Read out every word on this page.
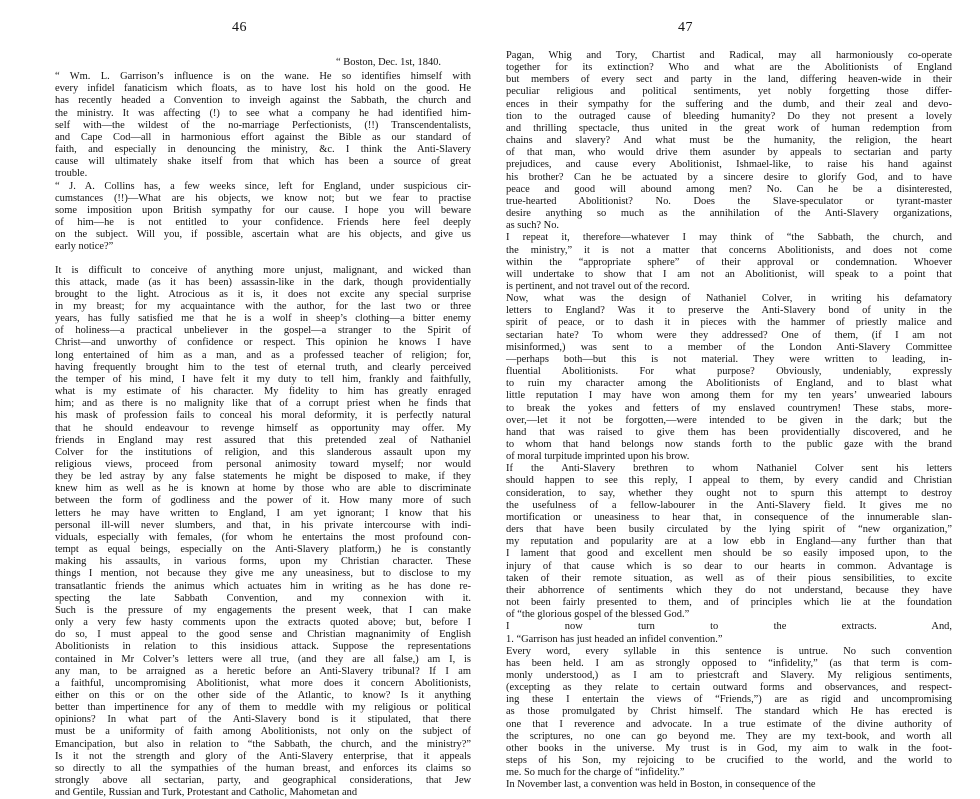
46
“ Boston, Dec. 1st, 1840.
“ Wm. L. Garrison’s influence is on the wane. He so identifies himself with
every infidel fanaticism which floats, as to have lost his hold on the good. He
has recently headed a Convention to inveigh against the Sabbath, the church and
the ministry. It was affecting (!) to see what a company he had identified him-
self with—the wildest of the no-marriage Perfectionists, (!!) Transcendentalists,
and Cape Cod—all in harmonious effort against the Bible as our standard of
faith, and especially in denouncing the ministry, &c. I think the Anti-Slavery
cause will ultimately shake itself from that which has been a source of great
trouble.
“ J. A. Collins has, a few weeks since, left for England, under suspicious cir-
cumstances (!!)—What are his objects, we know not; but we fear to practise
some imposition upon British sympathy for our cause. I hope you will beware
of him—he is not entitled to your confidence. Friends here feel deeply
on the subject. Will you, if possible, ascertain what are his objects, and give us
early notice?”
It is difficult to conceive of anything more unjust, malignant, and wicked than
this attack, made (as it has been) assassin-like in the dark, though providentially
brought to the light. Atrocious as it is, it does not excite any special surprise
in my breast; for my acquaintance with the author, for the last two or three
years, has fully satisfied me that he is a wolf in sheep’s clothing—a bitter enemy
of holiness—a practical unbeliever in the gospel—a stranger to the Spirit of
Christ—and unworthy of confidence or respect. This opinion he knows I have
long entertained of him as a man, and as a professed teacher of religion; for,
having frequently brought him to the test of eternal truth, and clearly perceived
the temper of his mind, I have felt it my duty to tell him, frankly and faithfully,
what is my estimate of his character. My fidelity to him has greatly enraged
him; and as there is no malignity like that of a corrupt priest when he finds that
his mask of profession fails to conceal his moral deformity, it is perfectly natural
that he should endeavour to revenge himself as opportunity may offer. My
friends in England may rest assured that this pretended zeal of Nathaniel
Colver for the institutions of religion, and this slanderous assault upon my
religious views, proceed from personal animosity toward myself; nor would
they be led astray by any false statements he might be disposed to make, if they
knew him as well as he is known at home by those who are able to discriminate
between the form of godliness and the power of it. How many more of such
letters he may have written to England, I am yet ignorant; I know that his
personal ill-will never slumbers, and that, in his private intercourse with indi-
viduals, especially with females, (for whom he entertains the most profound con-
tempt as equal beings, especially on the Anti-Slavery platform,) he is constantly
making his assaults, in various forms, upon my Christian character. These
things I mention, not because they give me any uneasiness, but to disclose to my
transatlantic friends the animus which actuates him in writing as he has done re-
specting the late Sabbath Convention, and my connexion with it.
Such is the pressure of my engagements the present week, that I can make
only a very few hasty comments upon the extracts quoted above; but, before I
do so, I must appeal to the good sense and Christian magnanimity of English
Abolitionists in relation to this insidious attack. Suppose the representations
contained in Mr Colver’s letters were all true, (and they are all false,) am I, is
any man, to be arraigned as a heretic before an Anti-Slavery tribunal? If I am
a faithful, uncompromising Abolitionist, what more does it concern Abolitionists,
either on this or on the other side of the Atlantic, to know? Is it anything
better than impertinence for any of them to meddle with my religious or political
opinions? In what part of the Anti-Slavery bond is it stipulated, that there
must be a uniformity of faith among Abolitionists, not only on the subject of
Emancipation, but also in relation to “the Sabbath, the church, and the ministry?”
Is it not the strength and glory of the Anti-Slavery enterprise, that it appeals
so directly to all the sympathies of the human breast, and enforces its claims so
strongly above all sectarian, party, and geographical considerations, that Jew
and Gentile, Russian and Turk, Protestant and Catholic, Mahometan and
47
Pagan, Whig and Tory, Chartist and Radical, may all harmoniously co-operate
together for its extinction? Who and what are the Abolitionists of England
but members of every sect and party in the land, differing heaven-wide in their
peculiar religious and political sentiments, yet nobly forgetting those differ-
ences in their sympathy for the suffering and the dumb, and their zeal and devo-
tion to the outraged cause of bleeding humanity? Do they not present a lovely
and thrilling spectacle, thus united in the great work of human redemption from
chains and slavery? And what must be the humanity, the religion, the heart
of that man, who would drive them asunder by appeals to sectarian and party
prejudices, and cause every Abolitionist, Ishmael-like, to raise his hand against
his brother? Can he be actuated by a sincere desire to glorify God, and to have
peace and good will abound among men? No. Can he be a disinterested,
true-hearted Abolitionist? No. Does the Slave-speculator or tyrant-master
desire anything so much as the annihilation of the Anti-Slavery organizations,
as such? No.
I repeat it, therefore—whatever I may think of “the Sabbath, the church, and
the ministry,” it is not a matter that concerns Abolitionists, and does not come
within the “appropriate sphere” of their approval or condemnation. Whoever
will undertake to show that I am not an Abolitionist, will speak to a point that
is pertinent, and not travel out of the record.
Now, what was the design of Nathaniel Colver, in writing his defamatory
letters to England? Was it to preserve the Anti-Slavery bond of unity in the
spirit of peace, or to dash it in pieces with the hammer of priestly malice and
sectarian hate? To whom were they addressed? One of them, (if I am not
misinformed,) was sent to a member of the London Anti-Slavery Committee
—perhaps both—but this is not material. They were written to leading, in-
fluential Abolitionists. For what purpose? Obviously, undeniably, expressly
to ruin my character among the Abolitionists of England, and to blast what
little reputation I may have won among them for my ten years’ unwearied labours
to break the yokes and fetters of my enslaved countrymen! These stabs, more-
over,—let it not be forgotten,—were intended to be given in the dark; but the
hand that was raised to give them has been providentially discovered, and he
to whom that hand belongs now stands forth to the public gaze with the brand
of moral turpitude imprinted upon his brow.
If the Anti-Slavery brethren to whom Nathaniel Colver sent his letters
should happen to see this reply, I appeal to them, by every candid and Christian
consideration, to say, whether they ought not to spurn this attempt to destroy
the usefulness of a fellow-labourer in the Anti-Slavery field. It gives me no
mortification or uneasiness to hear that, in consequence of the innumerable slan-
ders that have been busily circulated by the lying spirit of “new organization,”
my reputation and popularity are at a low ebb in England—any further than that
I lament that good and excellent men should be so easily imposed upon, to the
injury of that cause which is so dear to our hearts in common. Advantage is
taken of their remote situation, as well as of their pious sensibilities, to excite
their abhorrence of sentiments which they do not understand, because they have
not been fairly presented to them, and of principles which lie at the foundation
of “the glorious gospel of the blessed God.”
I now turn to the extracts. And,
1. “Garrison has just headed an infidel convention.”
Every word, every syllable in this sentence is untrue. No such convention
has been held. I am as strongly opposed to “infidelity,” (as that term is com-
monly understood,) as I am to priestcraft and Slavery. My religious sentiments,
(excepting as they relate to certain outward forms and observances, and respect-
ing these I entertain the views of “Friends,”) are as rigid and uncompromising
as those promulgated by Christ himself. The standard which He has erected is
one that I reverence and advocate. In a true estimate of the divine authority of
the scriptures, no one can go beyond me. They are my text-book, and worth all
other books in the universe. My trust is in God, my aim to walk in the foot-
steps of his Son, my rejoicing to be crucified to the world, and the world to
me. So much for the charge of “infidelity.”
In November last, a convention was held in Boston, in consequence of the
